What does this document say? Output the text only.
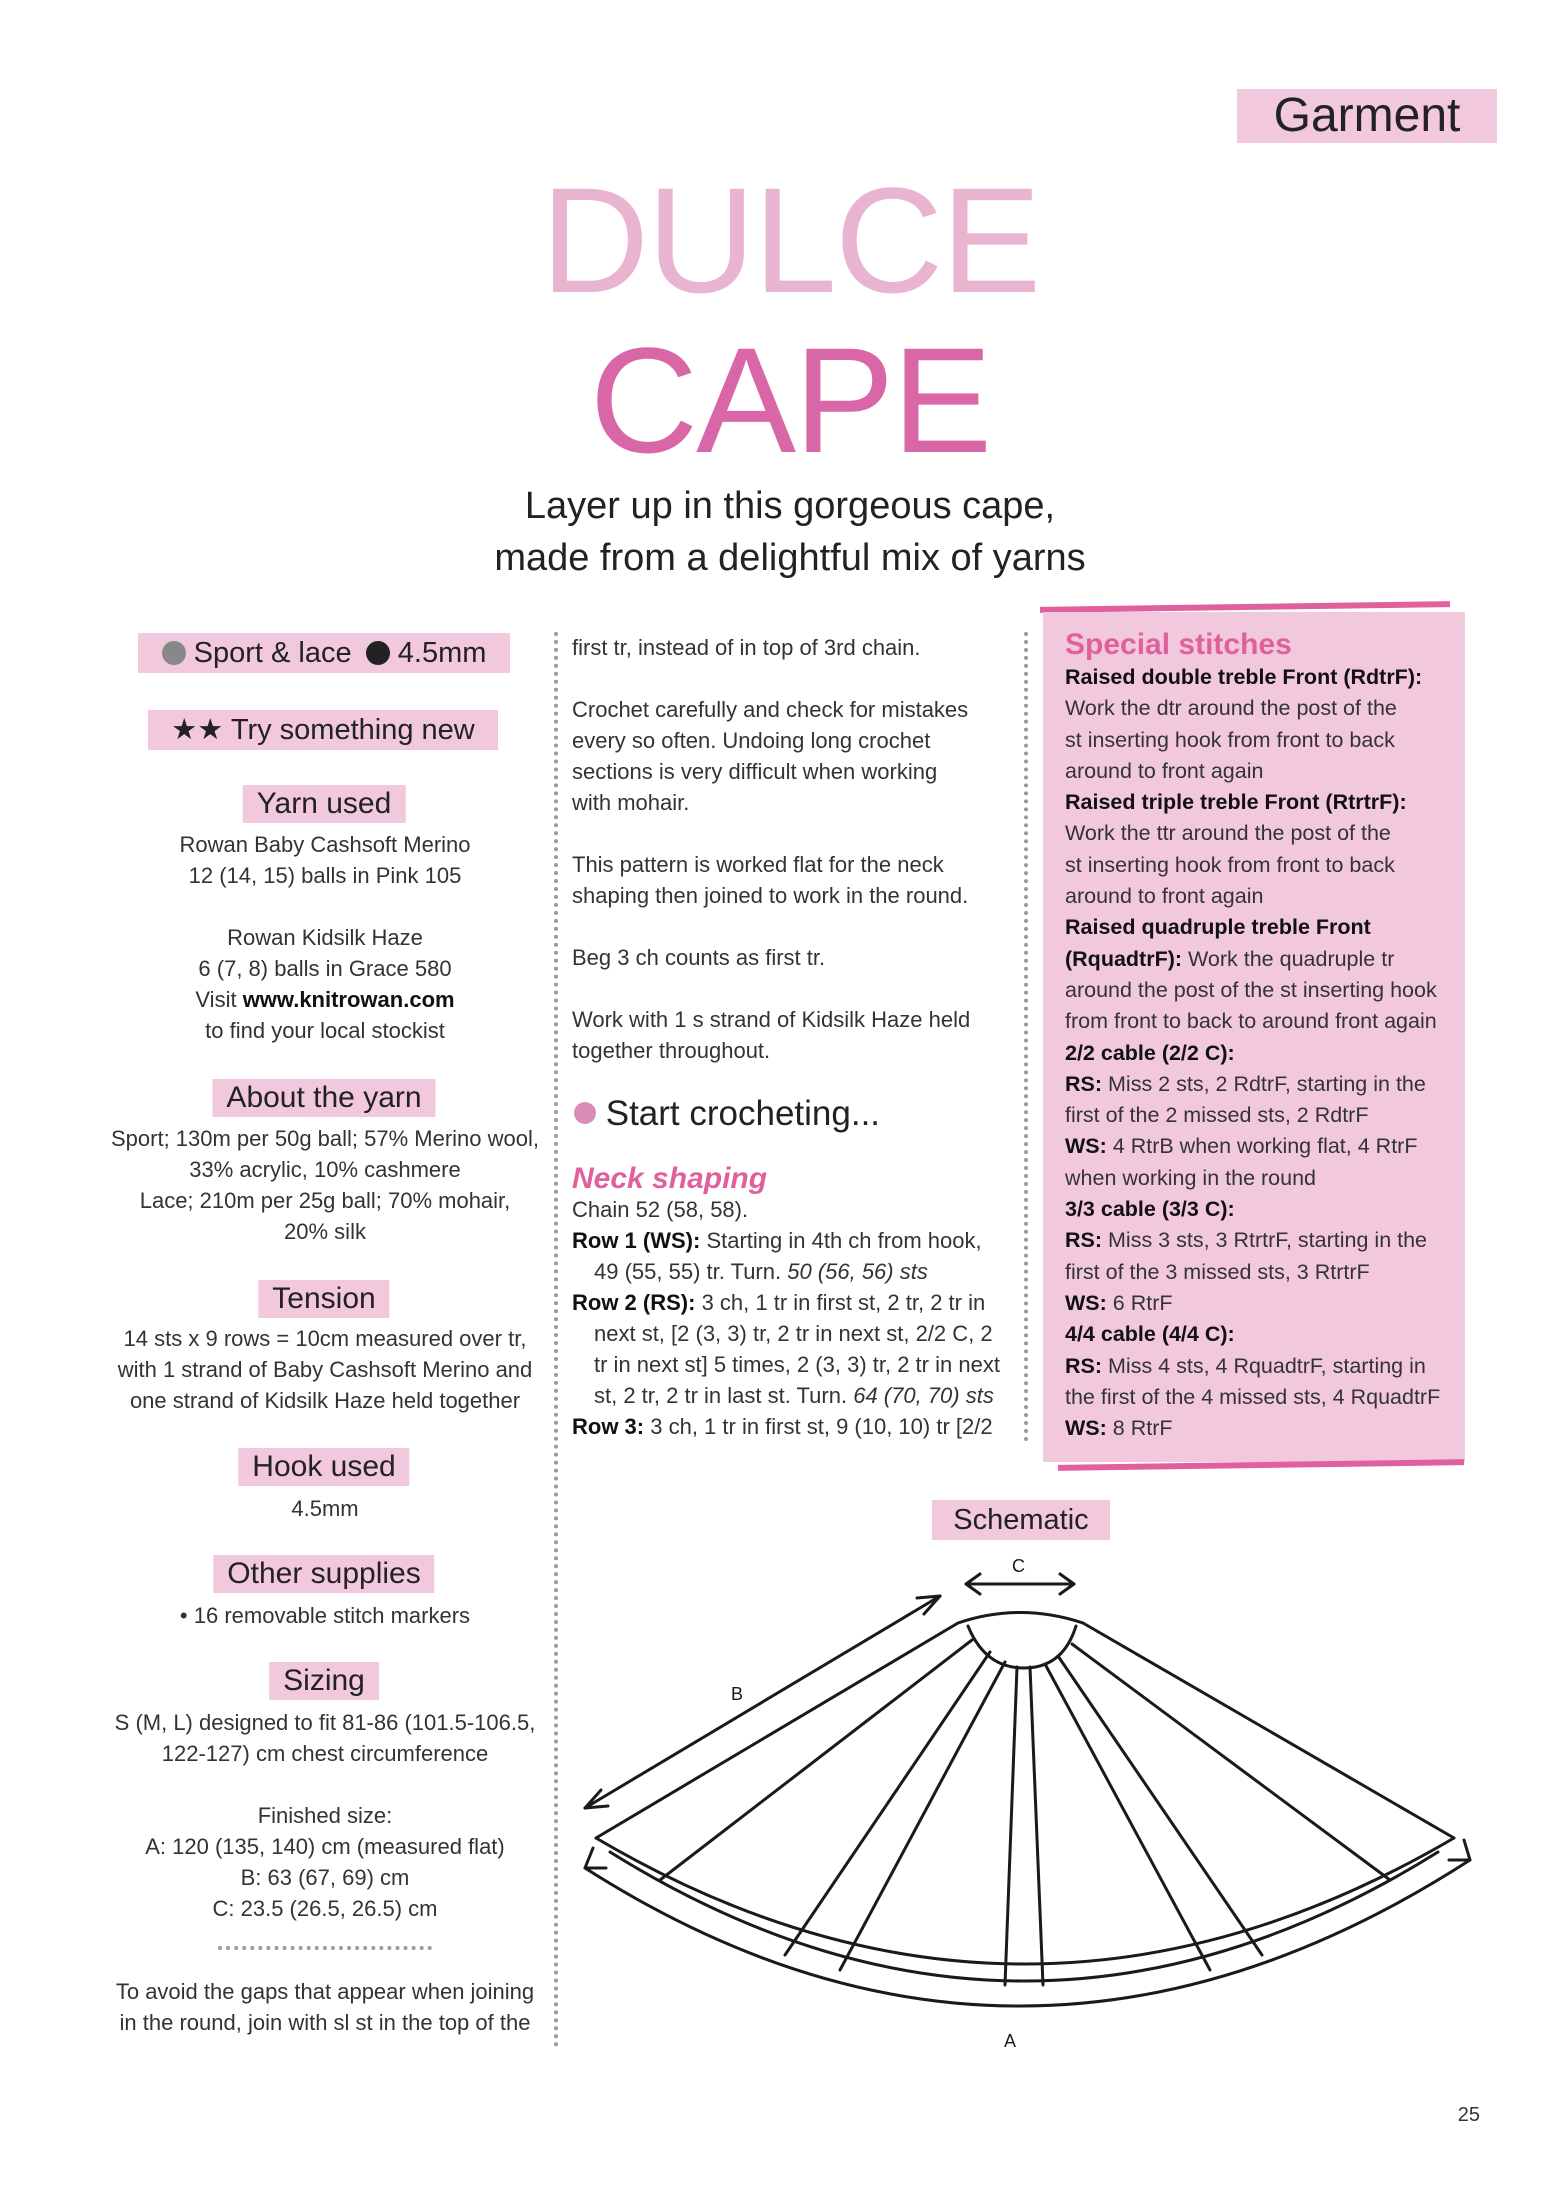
Garment
DULCE
CAPE
Layer up in this gorgeous cape,
made from a delightful mix of yarns
Sport & lace 4.5mm
★★ Try something new
Yarn used
Rowan Baby Cashsoft Merino
12 (14, 15) balls in Pink 105
Rowan Kidsilk Haze
6 (7, 8) balls in Grace 580
Visit www.knitrowan.com
to find your local stockist
About the yarn
Sport; 130m per 50g ball; 57% Merino wool,
33% acrylic, 10% cashmere
Lace; 210m per 25g ball; 70% mohair,
20% silk
Tension
14 sts x 9 rows = 10cm measured over tr,
with 1 strand of Baby Cashsoft Merino and
one strand of Kidsilk Haze held together
Hook used
4.5mm
Other supplies
• 16 removable stitch markers
Sizing
S (M, L) designed to fit 81-86 (101.5-106.5,
122-127) cm chest circumference
Finished size:
A: 120 (135, 140) cm (measured flat)
B: 63 (67, 69) cm
C: 23.5 (26.5, 26.5) cm
To avoid the gaps that appear when joining
in the round, join with sl st in the top of the
first tr, instead of in top of 3rd chain.
Crochet carefully and check for mistakes
every so often. Undoing long crochet
sections is very difficult when working
with mohair.
This pattern is worked flat for the neck
shaping then joined to work in the round.
Beg 3 ch counts as first tr.
Work with 1 s strand of Kidsilk Haze held
together throughout.
Start crocheting...
Neck shaping
Chain 52 (58, 58).
Row 1 (WS): Starting in 4th ch from hook, 49 (55, 55) tr. Turn. 50 (56, 56) sts
Row 2 (RS): 3 ch, 1 tr in first st, 2 tr, 2 tr in next st, [2 (3, 3) tr, 2 tr in next st, 2/2 C, 2 tr in next st] 5 times, 2 (3, 3) tr, 2 tr in next st, 2 tr, 2 tr in last st. Turn. 64 (70, 70) sts
Row 3: 3 ch, 1 tr in first st, 9 (10, 10) tr [2/2
Special stitches
Raised double treble Front (RdtrF):
Work the dtr around the post of the
st inserting hook from front to back
around to front again
Raised triple treble Front (RtrtrF):
Work the ttr around the post of the
st inserting hook from front to back
around to front again
Raised quadruple treble Front
(RquadtrF): Work the quadruple tr
around the post of the st inserting hook
from front to back to around front again
2/2 cable (2/2 C):
RS: Miss 2 sts, 2 RdtrF, starting in the
first of the 2 missed sts, 2 RdtrF
WS: 4 RtrB when working flat, 4 RtrF
when working in the round
3/3 cable (3/3 C):
RS: Miss 3 sts, 3 RtrtrF, starting in the
first of the 3 missed sts, 3 RtrtrF
WS: 6 RtrF
4/4 cable (4/4 C):
RS: Miss 4 sts, 4 RquadtrF, starting in
the first of the 4 missed sts, 4 RquadtrF
WS: 8 RtrF
Schematic
C
B
A
25
